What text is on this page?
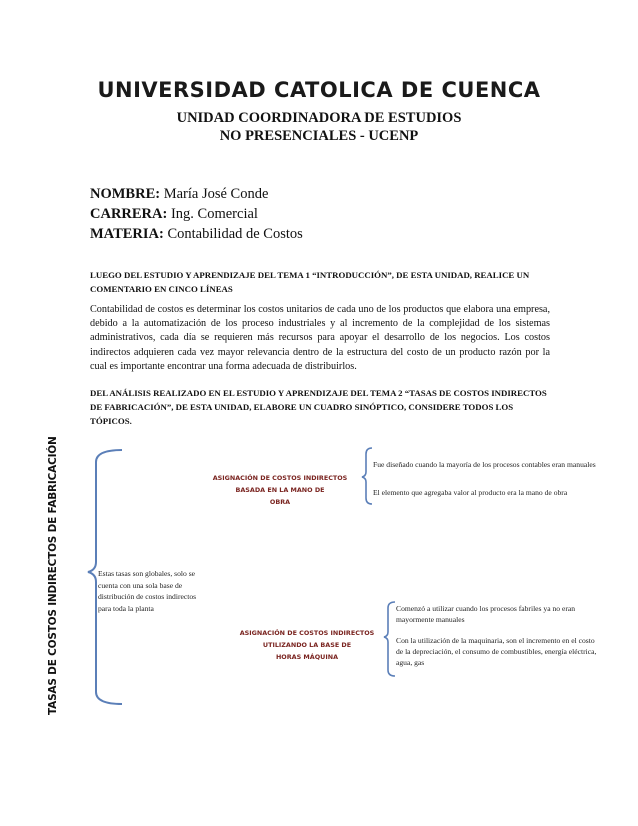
UNIVERSIDAD CATOLICA DE CUENCA
UNIDAD COORDINADORA DE ESTUDIOS
NO PRESENCIALES - UCENP
NOMBRE: María José Conde
CARRERA: Ing. Comercial
MATERIA: Contabilidad de Costos
LUEGO DEL ESTUDIO Y APRENDIZAJE DEL TEMA 1 “INTRODUCCIÓN”, DE ESTA UNIDAD, REALICE UN COMENTARIO EN CINCO LÍNEAS
Contabilidad de costos es determinar los costos unitarios de cada uno de los productos que elabora una empresa, debido a la automatización de los proceso industriales y al incremento de la complejidad de los sistemas administrativos, cada día se requieren más recursos para apoyar el desarrollo de los negocios. Los costos indirectos adquieren cada vez mayor relevancia dentro de la estructura del costo de un producto razón por la cual es importante encontrar una forma adecuada de distribuirlos.
DEL ANÁLISIS REALIZADO EN EL ESTUDIO Y APRENDIZAJE DEL TEMA 2 “TASAS DE COSTOS INDIRECTOS DE FABRICACIÓN”, DE ESTA UNIDAD, ELABORE UN CUADRO SINÓPTICO, CONSIDERE TODOS LOS TÓPICOS.
TASAS DE COSTOS INDIRECTOS DE FABRICACIÓN	Estas tasas son globales, solo se cuenta con una sola base de distribución de costos indirectos para toda la planta
ASIGNACIÓN DE COSTOS INDIRECTOS
BASADA EN LA MANO DE
OBRA
Fue diseñado cuando la mayoría de los procesos contables eran manuales
El elemento que agregaba valor al producto era la mano de obra
ASIGNACIÓN DE COSTOS INDIRECTOS
UTILIZANDO LA BASE DE
HORAS MÁQUINA
Comenzó a utilizar cuando los procesos fabriles ya no eran mayormente manuales
Con la utilización de la maquinaria, son el incremento en el costo de la depreciación, el consumo de combustibles, energía eléctrica, agua, gas
